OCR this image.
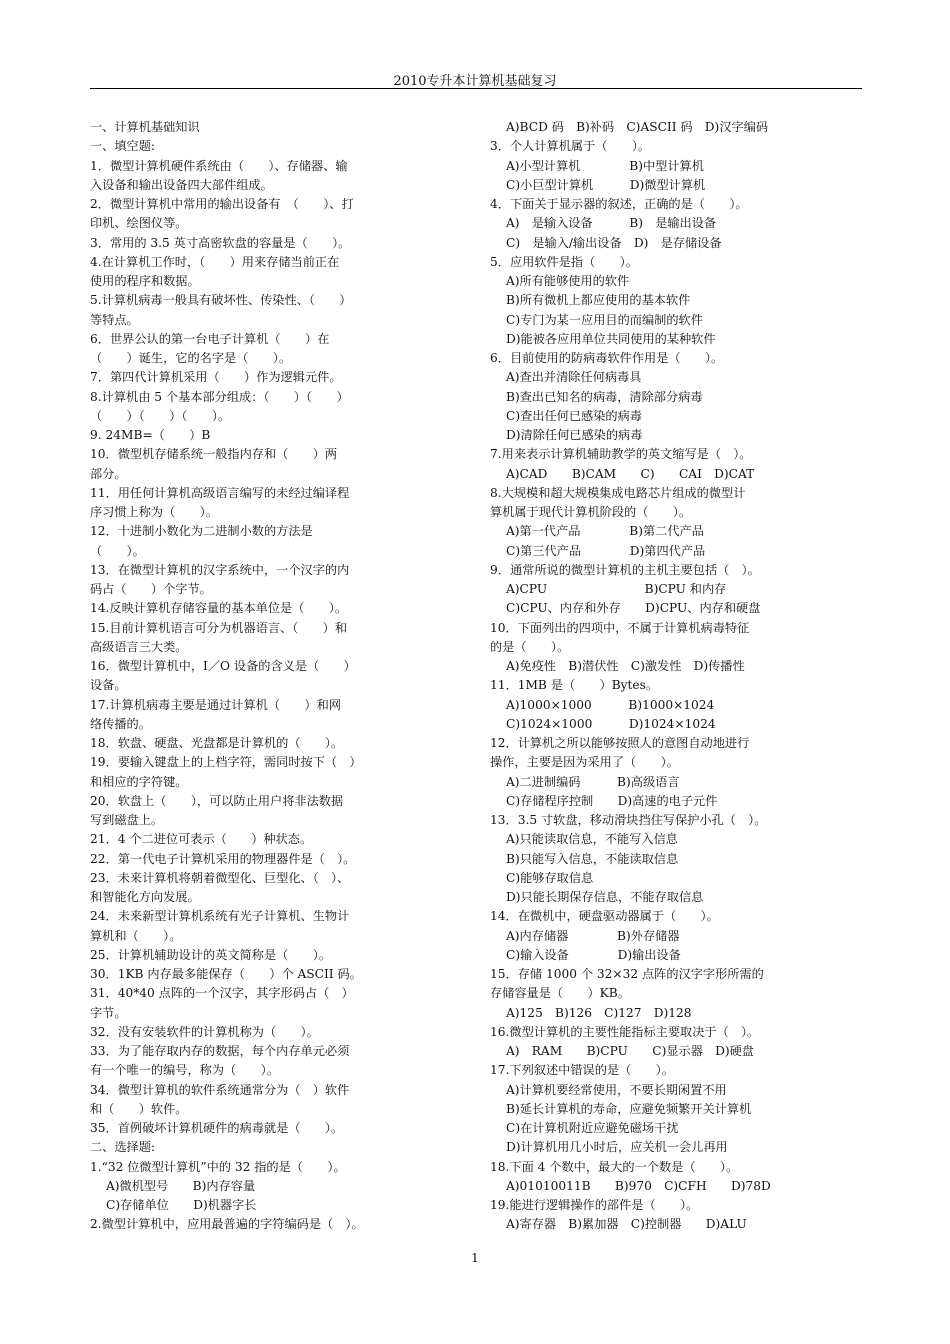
2010专升本计算机基础复习
一、计算机基础知识
一、填空题:
1．微型计算机硬件系统由（　　）、存储器、输
入设备和输出设备四大部件组成。
2．微型计算机中常用的输出设备有　（　　）、打
印机、绘图仪等。
3．常用的 3.5 英寸高密软盘的容量是（　　）。
4.在计算机工作时，（　　）用来存储当前正在
使用的程序和数据。
5.计算机病毒一般具有破坏性、传染性、（　　）
等特点。
6．世界公认的第一台电子计算机（　　）在
（　　）诞生，它的名字是（　　）。
7．第四代计算机采用（　　）作为逻辑元件。
8.计算机由 5 个基本部分组成：（　　）（　　）
（　　）（　　）（　　）。
9. 24MB=（　　）B
10．微型机存储系统一般指内存和（　　）两
部分。
11．用任何计算机高级语言编写的未经过编译程
序习惯上称为（　　）。
12．十进制小数化为二进制小数的方法是
（　　）。
13．在微型计算机的汉字系统中，一个汉字的内
码占（　　）个字节。
14.反映计算机存储容量的基本单位是（　　）。
15.目前计算机语言可分为机器语言、（　　）和
高级语言三大类。
16．微型计算机中，I／O 设备的含义是（　　）
设备。
17.计算机病毒主要是通过计算机（　　）和网
络传播的。
18．软盘、硬盘、光盘都是计算机的（　　）。
19．要输入键盘上的上档字符，需同时按下（　）
和相应的字符键。
20．软盘上（　　），可以防止用户将非法数据
写到磁盘上。
21．4 个二进位可表示（　　）种状态。
22．第一代电子计算机采用的物理器件是（　）。
23．未来计算机将朝着微型化、巨型化、（　）、
和智能化方向发展。
24．未来新型计算机系统有光子计算机、生物计
算机和（　　）。
25．计算机辅助设计的英文简称是（　　）。
30．1KB 内存最多能保存（　　）个 ASCII 码。
31．40*40 点阵的一个汉字，其字形码占（　）
字节。
32．没有安装软件的计算机称为（　　）。
33．为了能存取内存的数据，每个内存单元必须
有一个唯一的编号，称为（　　）。
34．微型计算机的软件系统通常分为（　）软件
和（　　）软件。
35．首例破坏计算机硬件的病毒就是（　　）。
二、选择题:
1.“32 位微型计算机”中的 32 指的是（　　）。
A)微机型号　　B)内存容量
C)存储单位　　D)机器字长
2.微型计算机中，应用最普遍的字符编码是（　）。
A)BCD 码　B)补码　C)ASCII 码　D)汉字编码
3．个人计算机属于（　　）。
A)小型计算机　　　　B)中型计算机
C)小巨型计算机　　　D)微型计算机
4．下面关于显示器的叙述，正确的是（　　）。
A)　是输入设备　　　B)　是输出设备
C)　是输入/输出设备　D)　是存储设备
5．应用软件是指（　　）。
A)所有能够使用的软件
B)所有微机上都应使用的基本软件
C)专门为某一应用目的而编制的软件
D)能被各应用单位共同使用的某种软件
6．目前使用的防病毒软件作用是（　　）。
A)查出并清除任何病毒具
B)查出已知名的病毒，清除部分病毒
C)查出任何已感染的病毒
D)清除任何已感染的病毒
7.用来表示计算机辅助教学的英文缩写是（　）。
A)CAD　　B)CAM　　C)　　CAI　D)CAT
8.大规模和超大规模集成电路芯片组成的微型计
算机属于现代计算机阶段的（　　）。
A)第一代产品　　　　B)第二代产品
C)第三代产品　　　　D)第四代产品
9．通常所说的微型计算机的主机主要包括（　）。
A)CPU　　　　　　　　B)CPU 和内存
C)CPU、内存和外存　　D)CPU、内存和硬盘
10．下面列出的四项中，不属于计算机病毒特征
的是（　　）。
A)免疫性　B)潜伏性　C)激发性　D)传播性
11．1MB 是（　　）Bytes。
A)1000×1000　　　B)1000×1024
C)1024×1000　　　D)1024×1024
12．计算机之所以能够按照人的意图自动地进行
操作，主要是因为采用了（　　）。
A)二进制编码　　　B)高级语言
C)存储程序控制　　D)高速的电子元件
13．3.5 寸软盘，移动滑块挡住写保护小孔（　）。
A)只能读取信息，不能写入信息
B)只能写入信息，不能读取信息
C)能够存取信息
D)只能长期保存信息，不能存取信息
14．在微机中，硬盘驱动器属于（　　）。
A)内存储器　　　　B)外存储器
C)输入设备　　　　D)输出设备
15．存储 1000 个 32×32 点阵的汉字字形所需的
存储容量是（　　）KB。
A)125　B)126　C)127　D)128
16.微型计算机的主要性能指标主要取决于（　）。
A)　RAM　　B)CPU　　C)显示器　D)硬盘
17.下列叙述中错误的是（　　）。
A)计算机要经常使用，不要长期闲置不用
B)延长计算机的寿命，应避免频繁开关计算机
C)在计算机附近应避免磁场干扰
D)计算机用几小时后，应关机一会儿再用
18.下面 4 个数中，最大的一个数是（　　）。
A)01010011B　　B)970　C)CFH　　D)78D
19.能进行逻辑操作的部件是（　　）。
A)寄存器　B)累加器　C)控制器　　D)ALU
1
